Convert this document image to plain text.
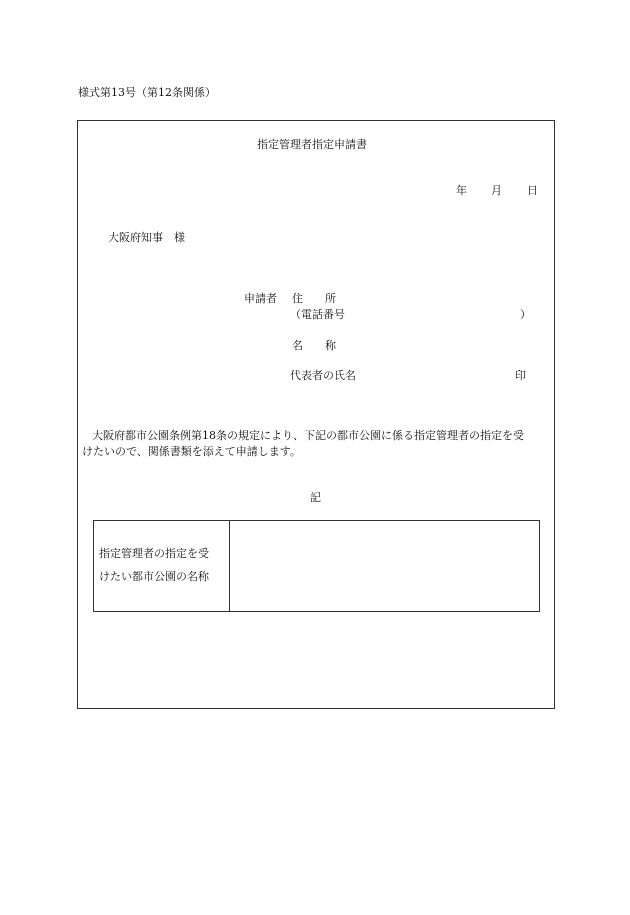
様式第13号（第12条関係）
指定管理者指定申請書
年 月 日
大阪府知事　様
申請者 住　　所
（電話番号	）
名　　称
代表者の氏名	印
大阪府都市公園条例第18条の規定により、下記の都市公園に係る指定管理者の指定を受
けたいので、関係書類を添えて申請します。
記
指定管理者の指定を受
けたい都市公園の名称
